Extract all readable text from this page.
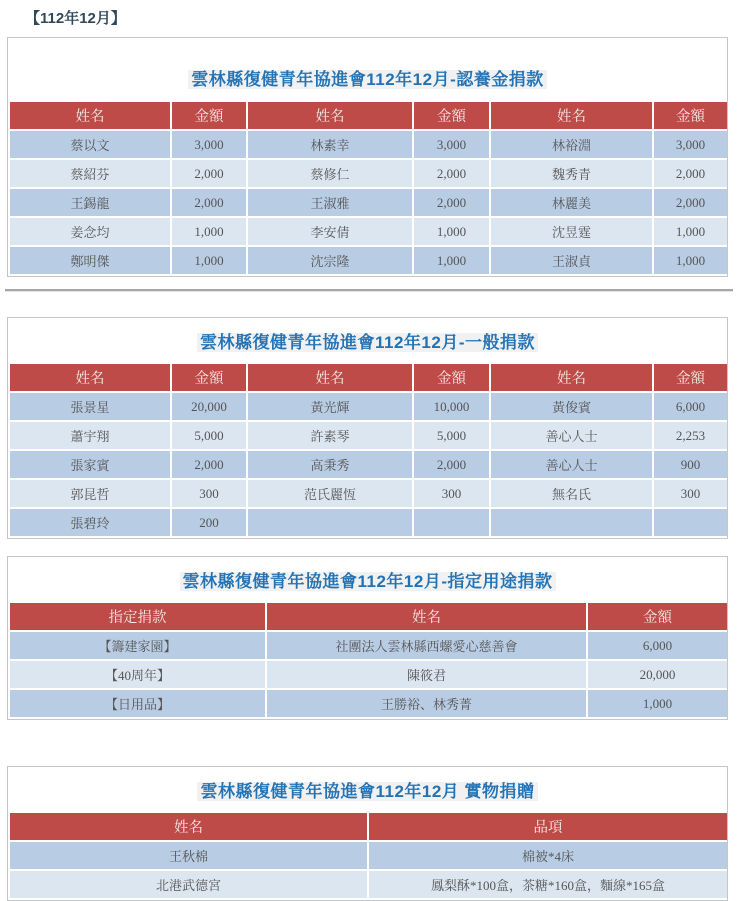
【112年12月】
雲林縣復健青年協進會112年12月-認養金捐款
姓名	金額	姓名	金額	姓名	金額
蔡以文	3,000	林素幸	3,000	林裕淵	3,000
蔡紹芬	2,000	蔡修仁	2,000	魏秀青	2,000
王錫龍	2,000	王淑雅	2,000	林麗美	2,000
姜念均	1,000	李安倩	1,000	沈昱霆	1,000
鄭明傑	1,000	沈宗隆	1,000	王淑貞	1,000
雲林縣復健青年協進會112年12月-一般捐款
姓名	金額	姓名	金額	姓名	金額
張景星	20,000	黃光輝	10,000	黃俊賓	6,000
蕭宇翔	5,000	許素琴	5,000	善心人士	2,253
張家賓	2,000	高秉秀	2,000	善心人士	900
郭昆哲	300	范氏麗恆	300	無名氏	300
張碧玲	200				
雲林縣復健青年協進會112年12月-指定用途捐款
指定捐款	姓名	金額
【籌建家園】	社團法人雲林縣西螺愛心慈善會	6,000
【40周年】	陳筱君	20,000
【日用品】	王勝裕、林秀菁	1,000
雲林縣復健青年協進會112年12月 實物捐贈
姓名	品項
王秋棉	棉被*4床
北港武德宮	鳳梨酥*100盒，茶糖*160盒，麵線*165盒
